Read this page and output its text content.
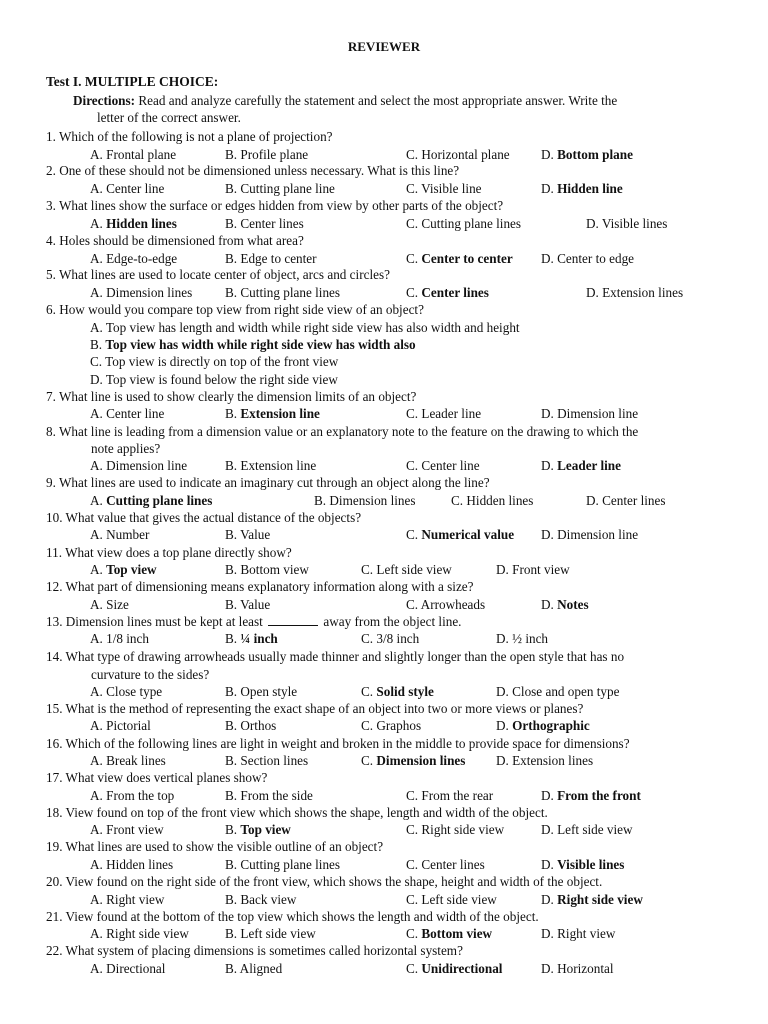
REVIEWER
Test I. MULTIPLE CHOICE:
Directions: Read and analyze carefully the statement and select the most appropriate answer. Write the
letter of the correct answer.
1. Which of the following is not a plane of projection?
A. Frontal plane	B. Profile plane	C. Horizontal plane D. Bottom plane
2. One of these should not be dimensioned unless necessary. What is this line?
A. Center line	B. Cutting plane line	C. Visible line	D. Hidden line
3. What lines show the surface or edges hidden from view by other parts of the object?
A. Hidden lines	B. Center lines	C. Cutting plane lines	D. Visible lines
4. Holes should be dimensioned from what area?
A. Edge-to-edge	B. Edge to center	C. Center to center D. Center to edge
5. What lines are used to locate center of object, arcs and circles?
A. Dimension lines B. Cutting plane lines	C. Center lines	D. Extension lines
6. How would you compare top view from right side view of an object?
A. Top view has length and width while right side view has also width and height
B. Top view has width while right side view has width also
C. Top view is directly on top of the front view
D. Top view is found below the right side view
7. What line is used to show clearly the dimension limits of an object?
A. Center line	B. Extension line	C. Leader line	D. Dimension line
8. What line is leading from a dimension value or an explanatory note to the feature on the drawing to which the
note applies?
A. Dimension line	B. Extension line	C. Center line	D. Leader line
9. What lines are used to indicate an imaginary cut through an object along the line?
A. Cutting plane lines	B. Dimension lines	C. Hidden lines	D. Center lines
10. What value that gives the actual distance of the objects?
A. Number	B. Value	C. Numerical value D. Dimension line
11. What view does a top plane directly show?
A. Top view	B. Bottom view	C. Left side view	D. Front view
12. What part of dimensioning means explanatory information along with a size?
A. Size	B. Value	C. Arrowheads	D. Notes
13. Dimension lines must be kept at least	away from the object line.
A. 1/8 inch	B. ¼ inch	C. 3/8 inch	D. ½ inch
14. What type of drawing arrowheads usually made thinner and slightly longer than the open style that has no
curvature to the sides?
A. Close type	B. Open style	C. Solid style	D. Close and open type
15. What is the method of representing the exact shape of an object into two or more views or planes?
A. Pictorial	B. Orthos	C. Graphos	D. Orthographic
16. Which of the following lines are light in weight and broken in the middle to provide space for dimensions?
A. Break lines	B. Section lines	C. Dimension lines D. Extension lines
17. What view does vertical planes show?
A. From the top	B. From the side	C. From the rear	D. From the front
18. View found on top of the front view which shows the shape, length and width of the object.
A. Front view	B. Top view	C. Right side view	D. Left side view
19. What lines are used to show the visible outline of an object?
A. Hidden lines	B. Cutting plane lines	C. Center lines	D. Visible lines
20. View found on the right side of the front view, which shows the shape, height and width of the object.
A. Right view	B. Back view	C. Left side view	D. Right side view
21. View found at the bottom of the top view which shows the length and width of the object.
A. Right side view	B. Left side view	C. Bottom view	D. Right view
22. What system of placing dimensions is sometimes called horizontal system?
A. Directional	B. Aligned	C. Unidirectional	D. Horizontal
